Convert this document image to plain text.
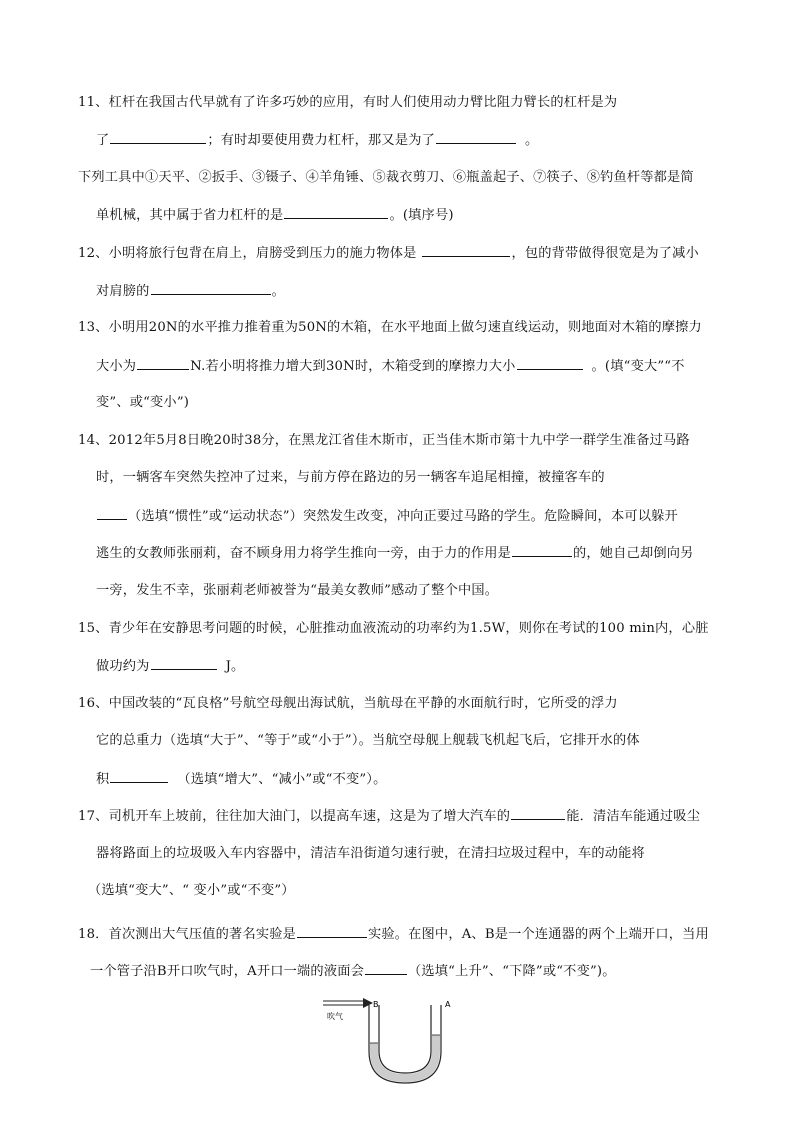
11、杠杆在我国古代早就有了许多巧妙的应用，有时人们使用动力臂比阻力臂长的杠杆是为
了	；有时却要使用费力杠杆，那又是为了	。
下列工具中①天平、②扳手、③镊子、④羊角锤、⑤裁衣剪刀、⑥瓶盖起子、⑦筷子、⑧钓鱼杆等都是简
单机械，其中属于省力杠杆的是	。(填序号)
12、小明将旅行包背在肩上，肩膀受到压力的施力物体是	，包的背带做得很宽是为了减小
对肩膀的	。
13、小明用20N的水平推力推着重为50N的木箱，在水平地面上做匀速直线运动，则地面对木箱的摩擦力
大小为	N.若小明将推力增大到30N时，木箱受到的摩擦力大小	。(填“变大”“不
变”、或“变小”)
14、2012年5月8日晚20时38分，在黑龙江省佳木斯市，正当佳木斯市第十九中学一群学生准备过马路
时，一辆客车突然失控冲了过来，与前方停在路边的另一辆客车追尾相撞，被撞客车的
（选填“惯性”或“运动状态”）突然发生改变，冲向正要过马路的学生。危险瞬间，本可以躲开
逃生的女教师张丽莉，奋不顾身用力将学生推向一旁，由于力的作用是	的，她自己却倒向另
一旁，发生不幸，张丽莉老师被誉为“最美女教师”感动了整个中国。
15、青少年在安静思考问题的时候，心脏推动血液流动的功率约为1.5W，则你在考试的100 min内，心脏
做功约为	J。
16、中国改装的“瓦良格”号航空母舰出海试航，当航母在平静的水面航行时，它所受的浮力
它的总重力（选填“大于”、“等于”或“小于”）。当航空母舰上舰载飞机起飞后，它排开水的体
积	（选填“增大”、“减小”或“不变”）。
17、司机开车上坡前，往往加大油门，以提高车速，这是为了增大汽车的	能．清洁车能通过吸尘
器将路面上的垃圾吸入车内容器中，清洁车沿街道匀速行驶，在清扫垃圾过程中，车的动能将
（选填“变大”、“ 变小”或“不变”）
18．首次测出大气压值的著名实验是	实验。在图中，A、B是一个连通器的两个上端开口，当用
一个管子沿B开口吹气时，A开口一端的液面会	（选填“上升”、“下降”或“不变”)。
吹气
B	A
